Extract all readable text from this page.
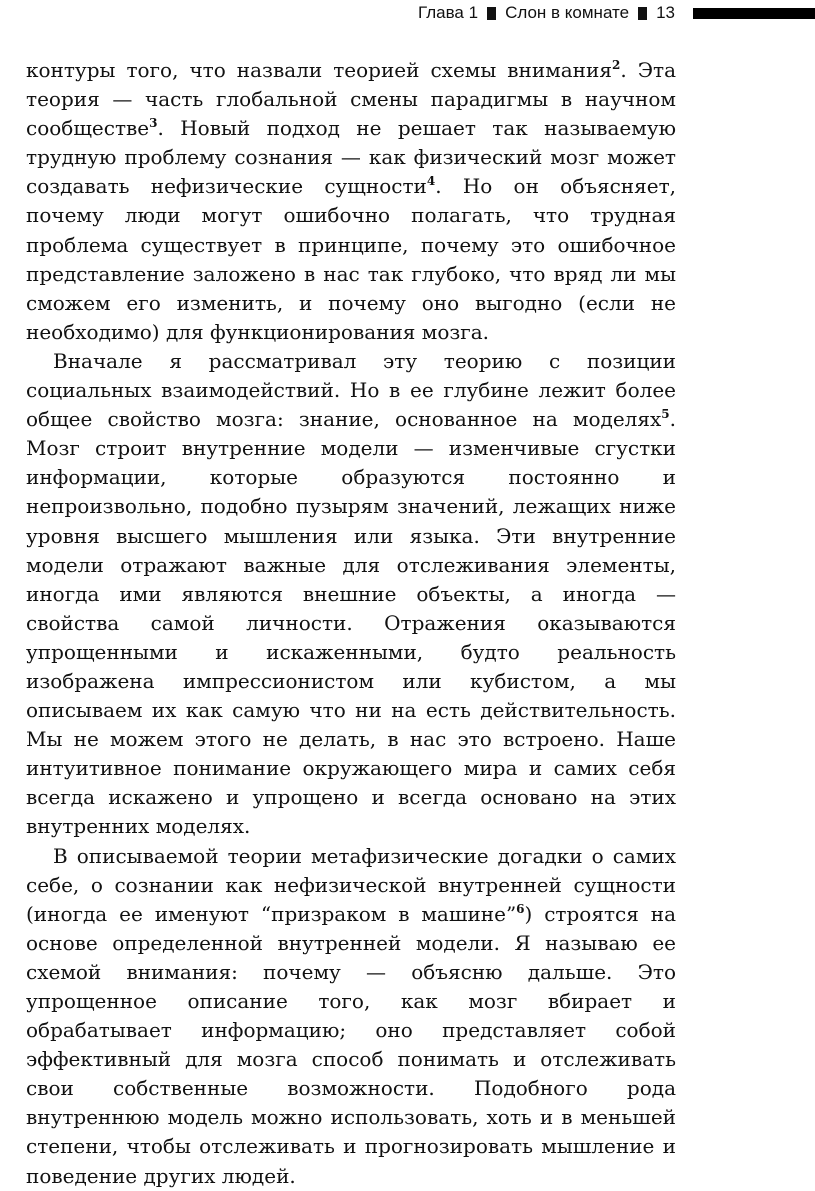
Глава 1 Слон в комнате 13

контуры того, что назвали теорией схемы внимания$^2$. Эта теория — часть глобальной смены парадигмы в научном сообществе$^3$. Новый подход не решает так называемую трудную проблему сознания — как физический мозг может создавать нефизические сущности$^4$. Но он объясняет, почему люди могут ошибочно полагать, что трудная проблема существует в принципе, почему это ошибочное представление заложено в нас так глубоко, что вряд ли мы сможем его изменить, и почему оно выгодно (если не необходимо) для функционирования мозга.

Вначале я рассматривал эту теорию с позиции социальных взаимодействий. Но в ее глубине лежит более общее свойство мозга: знание, основанное на моделях$^5$. Мозг строит внутренние модели — изменчивые сгустки информации, которые образуются постоянно и непроизвольно, подобно пузырям значений, лежащих ниже уровня высшего мышления или языка. Эти внутренние модели отражают важные для отслеживания элементы, иногда ими являются внешние объекты, а иногда — свойства самой личности. Отражения оказываются упрощенными и искаженными, будто реальность изображена импрессионистом или кубистом, а мы описываем их как самую что ни на есть действительность. Мы не можем этого не делать, в нас это встроено. Наше интуитивное понимание окружающего мира и самих себя всегда искажено и упрощено и всегда основано на этих внутренних моделях.

В описываемой теории метафизические догадки о самих себе, о сознании как нефизической внутренней сущности (иногда ее именуют “призраком в машине”$^6$) строятся на основе определенной внутренней модели. Я называю ее схемой внимания: почему — объясню дальше. Это упрощенное описание того, как мозг вбирает и обрабатывает информацию; оно представляет собой эффективный для мозга способ понимать и отслеживать свои собственные возможности. Подобного рода внутреннюю модель можно использовать, хоть и в меньшей степени, чтобы отслеживать и прогнозировать мышление и поведение других людей.
